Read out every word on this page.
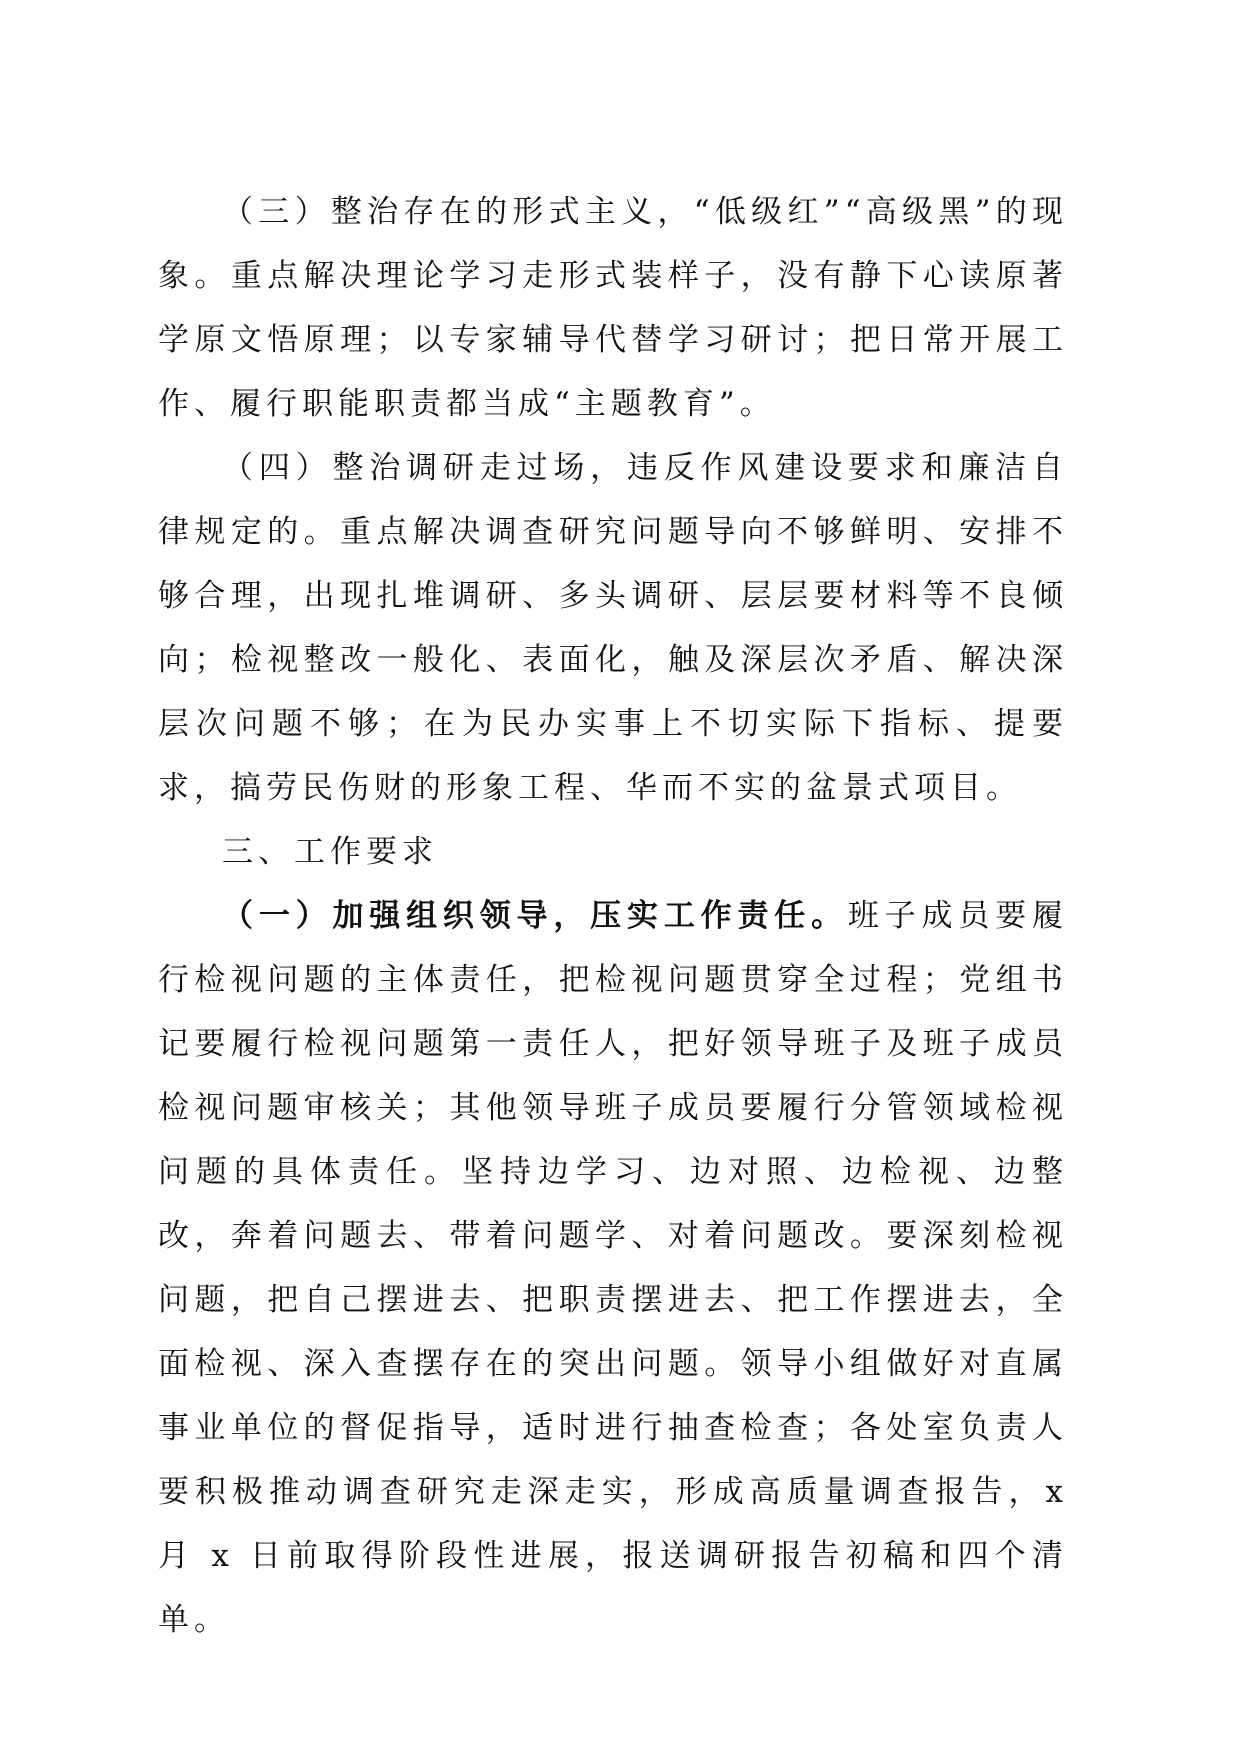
（三）整治存在的形式主义，“低级红”“高级黑”的现象。重点解决理论学习走形式装样子，没有静下心读原著学原文悟原理；以专家辅导代替学习研讨；把日常开展工作、履行职能职责都当成“主题教育”。

（四）整治调研走过场，违反作风建设要求和廉洁自律规定的。重点解决调查研究问题导向不够鲜明、安排不够合理，出现扎堆调研、多头调研、层层要材料等不良倾向；检视整改一般化、表面化，触及深层次矛盾、解决深层次问题不够；在为民办实事上不切实际下指标、提要求，搞劳民伤财的形象工程、华而不实的盆景式项目。

三、工作要求

（一）加强组织领导，压实工作责任。班子成员要履行检视问题的主体责任，把检视问题贯穿全过程；党组书记要履行检视问题第一责任人，把好领导班子及班子成员检视问题审核关；其他领导班子成员要履行分管领域检视问题的具体责任。坚持边学习、边对照、边检视、边整改，奔着问题去、带着问题学、对着问题改。要深刻检视问题，把自己摆进去、把职责摆进去、把工作摆进去，全面检视、深入查摆存在的突出问题。领导小组做好对直属事业单位的督促指导，适时进行抽查检查；各处室负责人要积极推动调查研究走深走实，形成高质量调查报告，x 月 x 日前取得阶段性进展，报送调研报告初稿和四个清单。
